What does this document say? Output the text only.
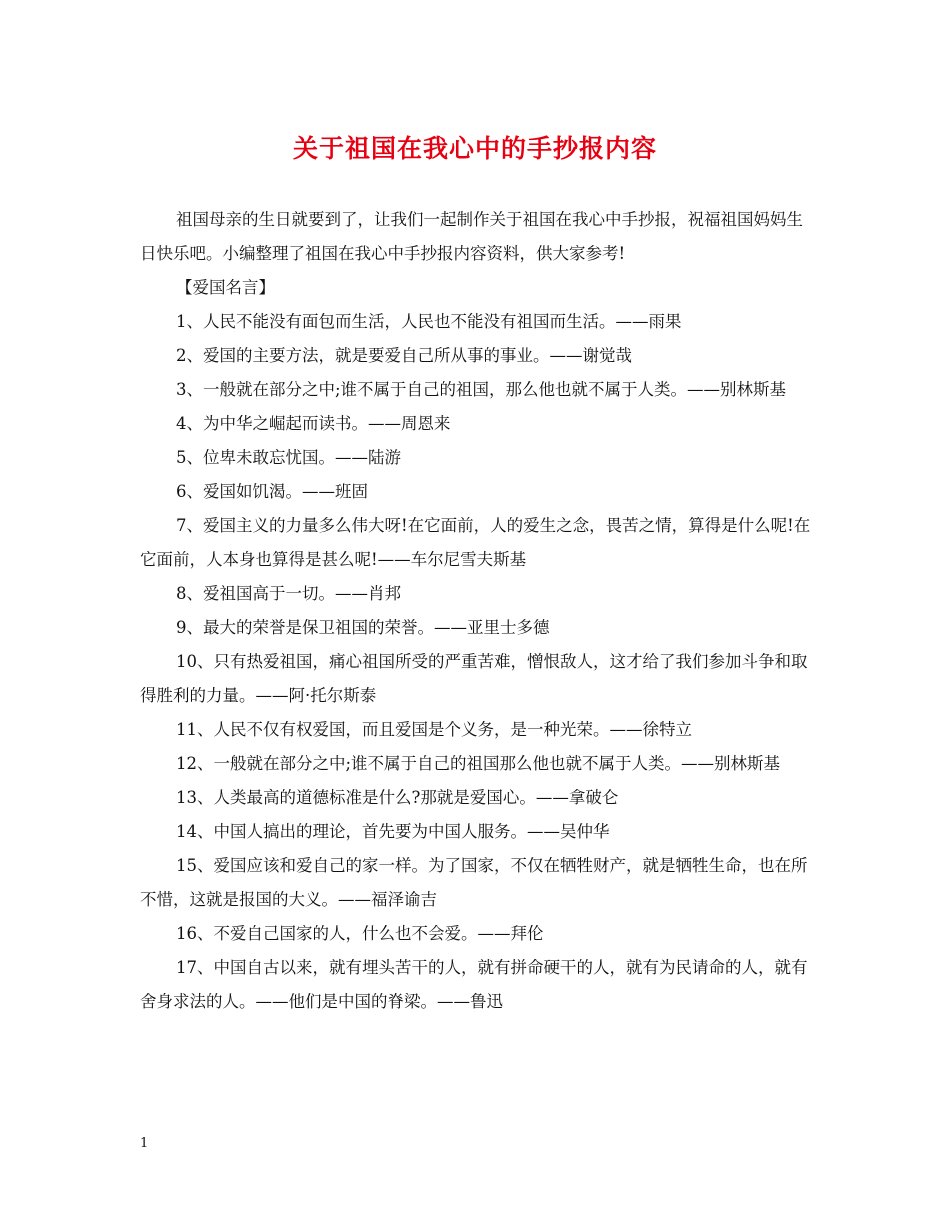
关于祖国在我心中的手抄报内容

祖国母亲的生日就要到了，让我们一起制作关于祖国在我心中手抄报，祝福祖国妈妈生日快乐吧。小编整理了祖国在我心中手抄报内容资料，供大家参考!

【爱国名言】

1、人民不能没有面包而生活，人民也不能没有祖国而生活。——雨果

2、爱国的主要方法，就是要爱自己所从事的事业。——谢觉哉

3、一般就在部分之中;谁不属于自己的祖国，那么他也就不属于人类。——别林斯基

4、为中华之崛起而读书。——周恩来

5、位卑未敢忘忧国。——陆游

6、爱国如饥渴。——班固

7、爱国主义的力量多么伟大呀!在它面前，人的爱生之念，畏苦之情，算得是什么呢!在它面前，人本身也算得是甚么呢!——车尔尼雪夫斯基

8、爱祖国高于一切。——肖邦

9、最大的荣誉是保卫祖国的荣誉。——亚里士多德

10、只有热爱祖国，痛心祖国所受的严重苦难，憎恨敌人，这才给了我们参加斗争和取得胜利的力量。——阿·托尔斯泰

11、人民不仅有权爱国，而且爱国是个义务，是一种光荣。——徐特立

12、一般就在部分之中;谁不属于自己的祖国那么他也就不属于人类。——别林斯基

13、人类最高的道德标准是什么?那就是爱国心。——拿破仑

14、中国人搞出的理论，首先要为中国人服务。——吴仲华

15、爱国应该和爱自己的家一样。为了国家，不仅在牺牲财产，就是牺牲生命，也在所不惜，这就是报国的大义。——福泽谕吉

16、不爱自己国家的人，什么也不会爱。——拜伦

17、中国自古以来，就有埋头苦干的人，就有拼命硬干的人，就有为民请命的人，就有舍身求法的人。——他们是中国的脊梁。——鲁迅

1
